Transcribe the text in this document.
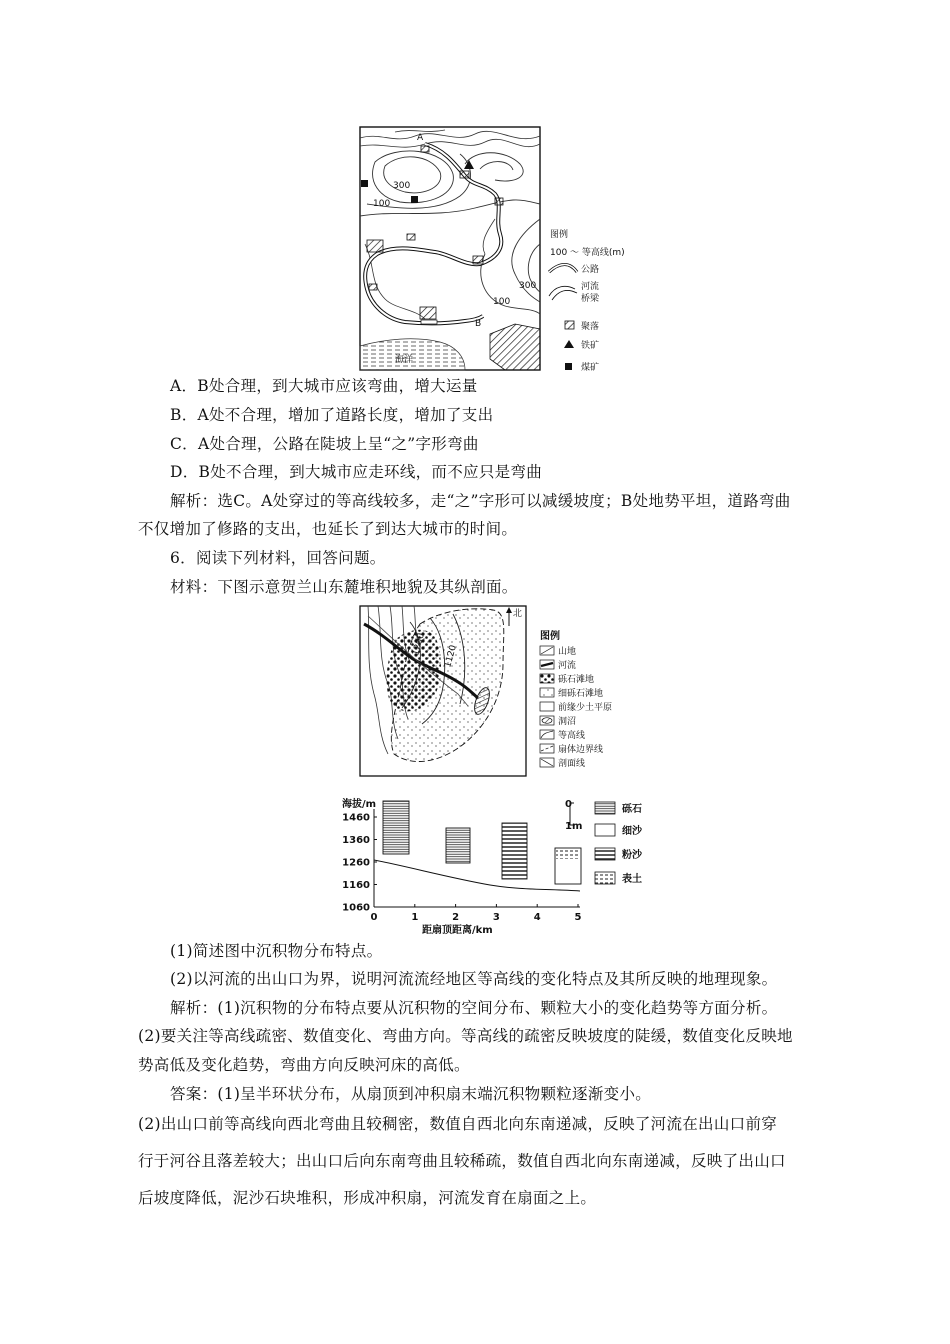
A
B
300
100
300
100
海洋
图例
100 ～ 等高线(m)
公路
河流
桥梁
聚落
铁矿
煤矿
A．B处合理，到大城市应该弯曲，增大运量
B．A处不合理，增加了道路长度，增加了支出
C．A处合理，公路在陡坡上呈“之”字形弯曲
D．B处不合理，到大城市应走环线，而不应只是弯曲
解析：选C。A处穿过的等高线较多，走“之”字形可以减缓坡度；B处地势平坦，道路弯曲
不仅增加了修路的支出，也延长了到达大城市的时间。
6．阅读下列材料，回答问题。
材料：下图示意贺兰山东麓堆积地貌及其纵剖面。
1200 1120
北
图例
山地
河流
砾石滩地
细砾石滩地
前缘少土平原
洞沼
等高线
扇体边界线
剖面线
海拔/m
1460
1360
1260
1160
1060
0	1	2	3	4	5
距扇顶距离/km
0
1m
砾石
细沙
粉沙
表土
(1)简述图中沉积物分布特点。
(2)以河流的出山口为界，说明河流流经地区等高线的变化特点及其所反映的地理现象。
解析：(1)沉积物的分布特点要从沉积物的空间分布、颗粒大小的变化趋势等方面分析。
(2)要关注等高线疏密、数值变化、弯曲方向。等高线的疏密反映坡度的陡缓，数值变化反映地
势高低及变化趋势，弯曲方向反映河床的高低。
答案：(1)呈半环状分布，从扇顶到冲积扇末端沉积物颗粒逐渐变小。
(2)出山口前等高线向西北弯曲且较稠密，数值自西北向东南递减，反映了河流在出山口前穿
行于河谷且落差较大；出山口后向东南弯曲且较稀疏，数值自西北向东南递减，反映了出山口
后坡度降低，泥沙石块堆积，形成冲积扇，河流发育在扇面之上。
